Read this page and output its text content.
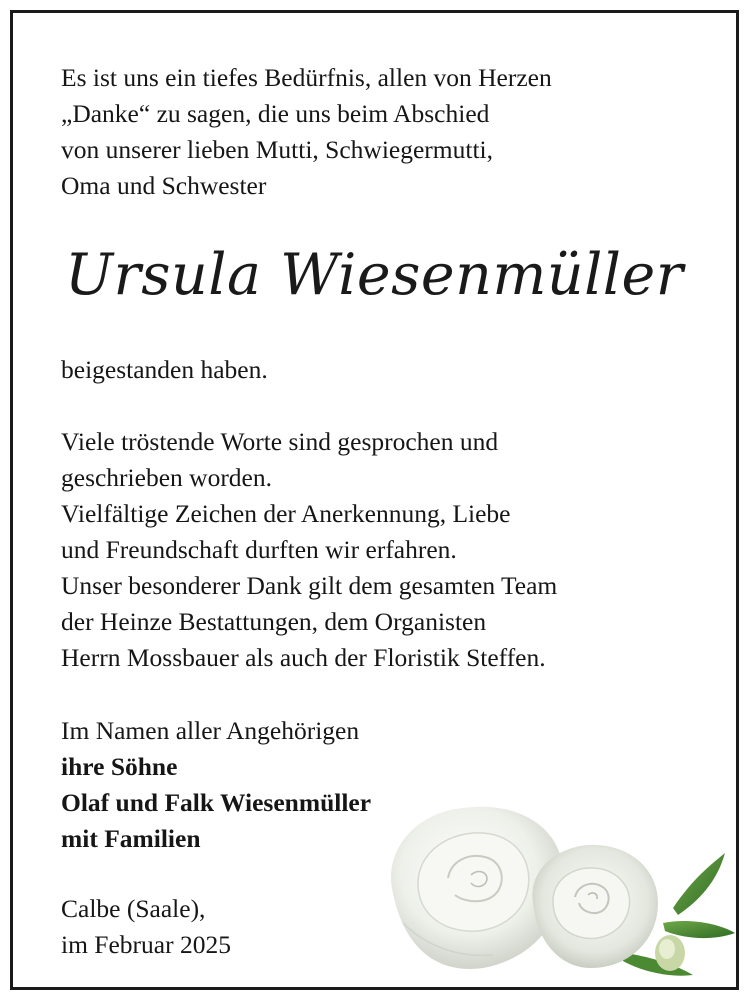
Es ist uns ein tiefes Bedürfnis, allen von Herzen

„Danke“ zu sagen, die uns beim Abschied

von unserer lieben Mutti, Schwiegermutti,

Oma und Schwester

Ursula Wiesenmüller

beigestanden haben.

Viele tröstende Worte sind gesprochen und

geschrieben worden.

Vielfältige Zeichen der Anerkennung, Liebe

und Freundschaft durften wir erfahren.

Unser besonderer Dank gilt dem gesamten Team

der Heinze Bestattungen, dem Organisten

Herrn Mossbauer als auch der Floristik Steffen.

Im Namen aller Angehörigen

ihre Söhne

Olaf und Falk Wiesenmüller

mit Familien

Calbe (Saale),

im Februar 2025
